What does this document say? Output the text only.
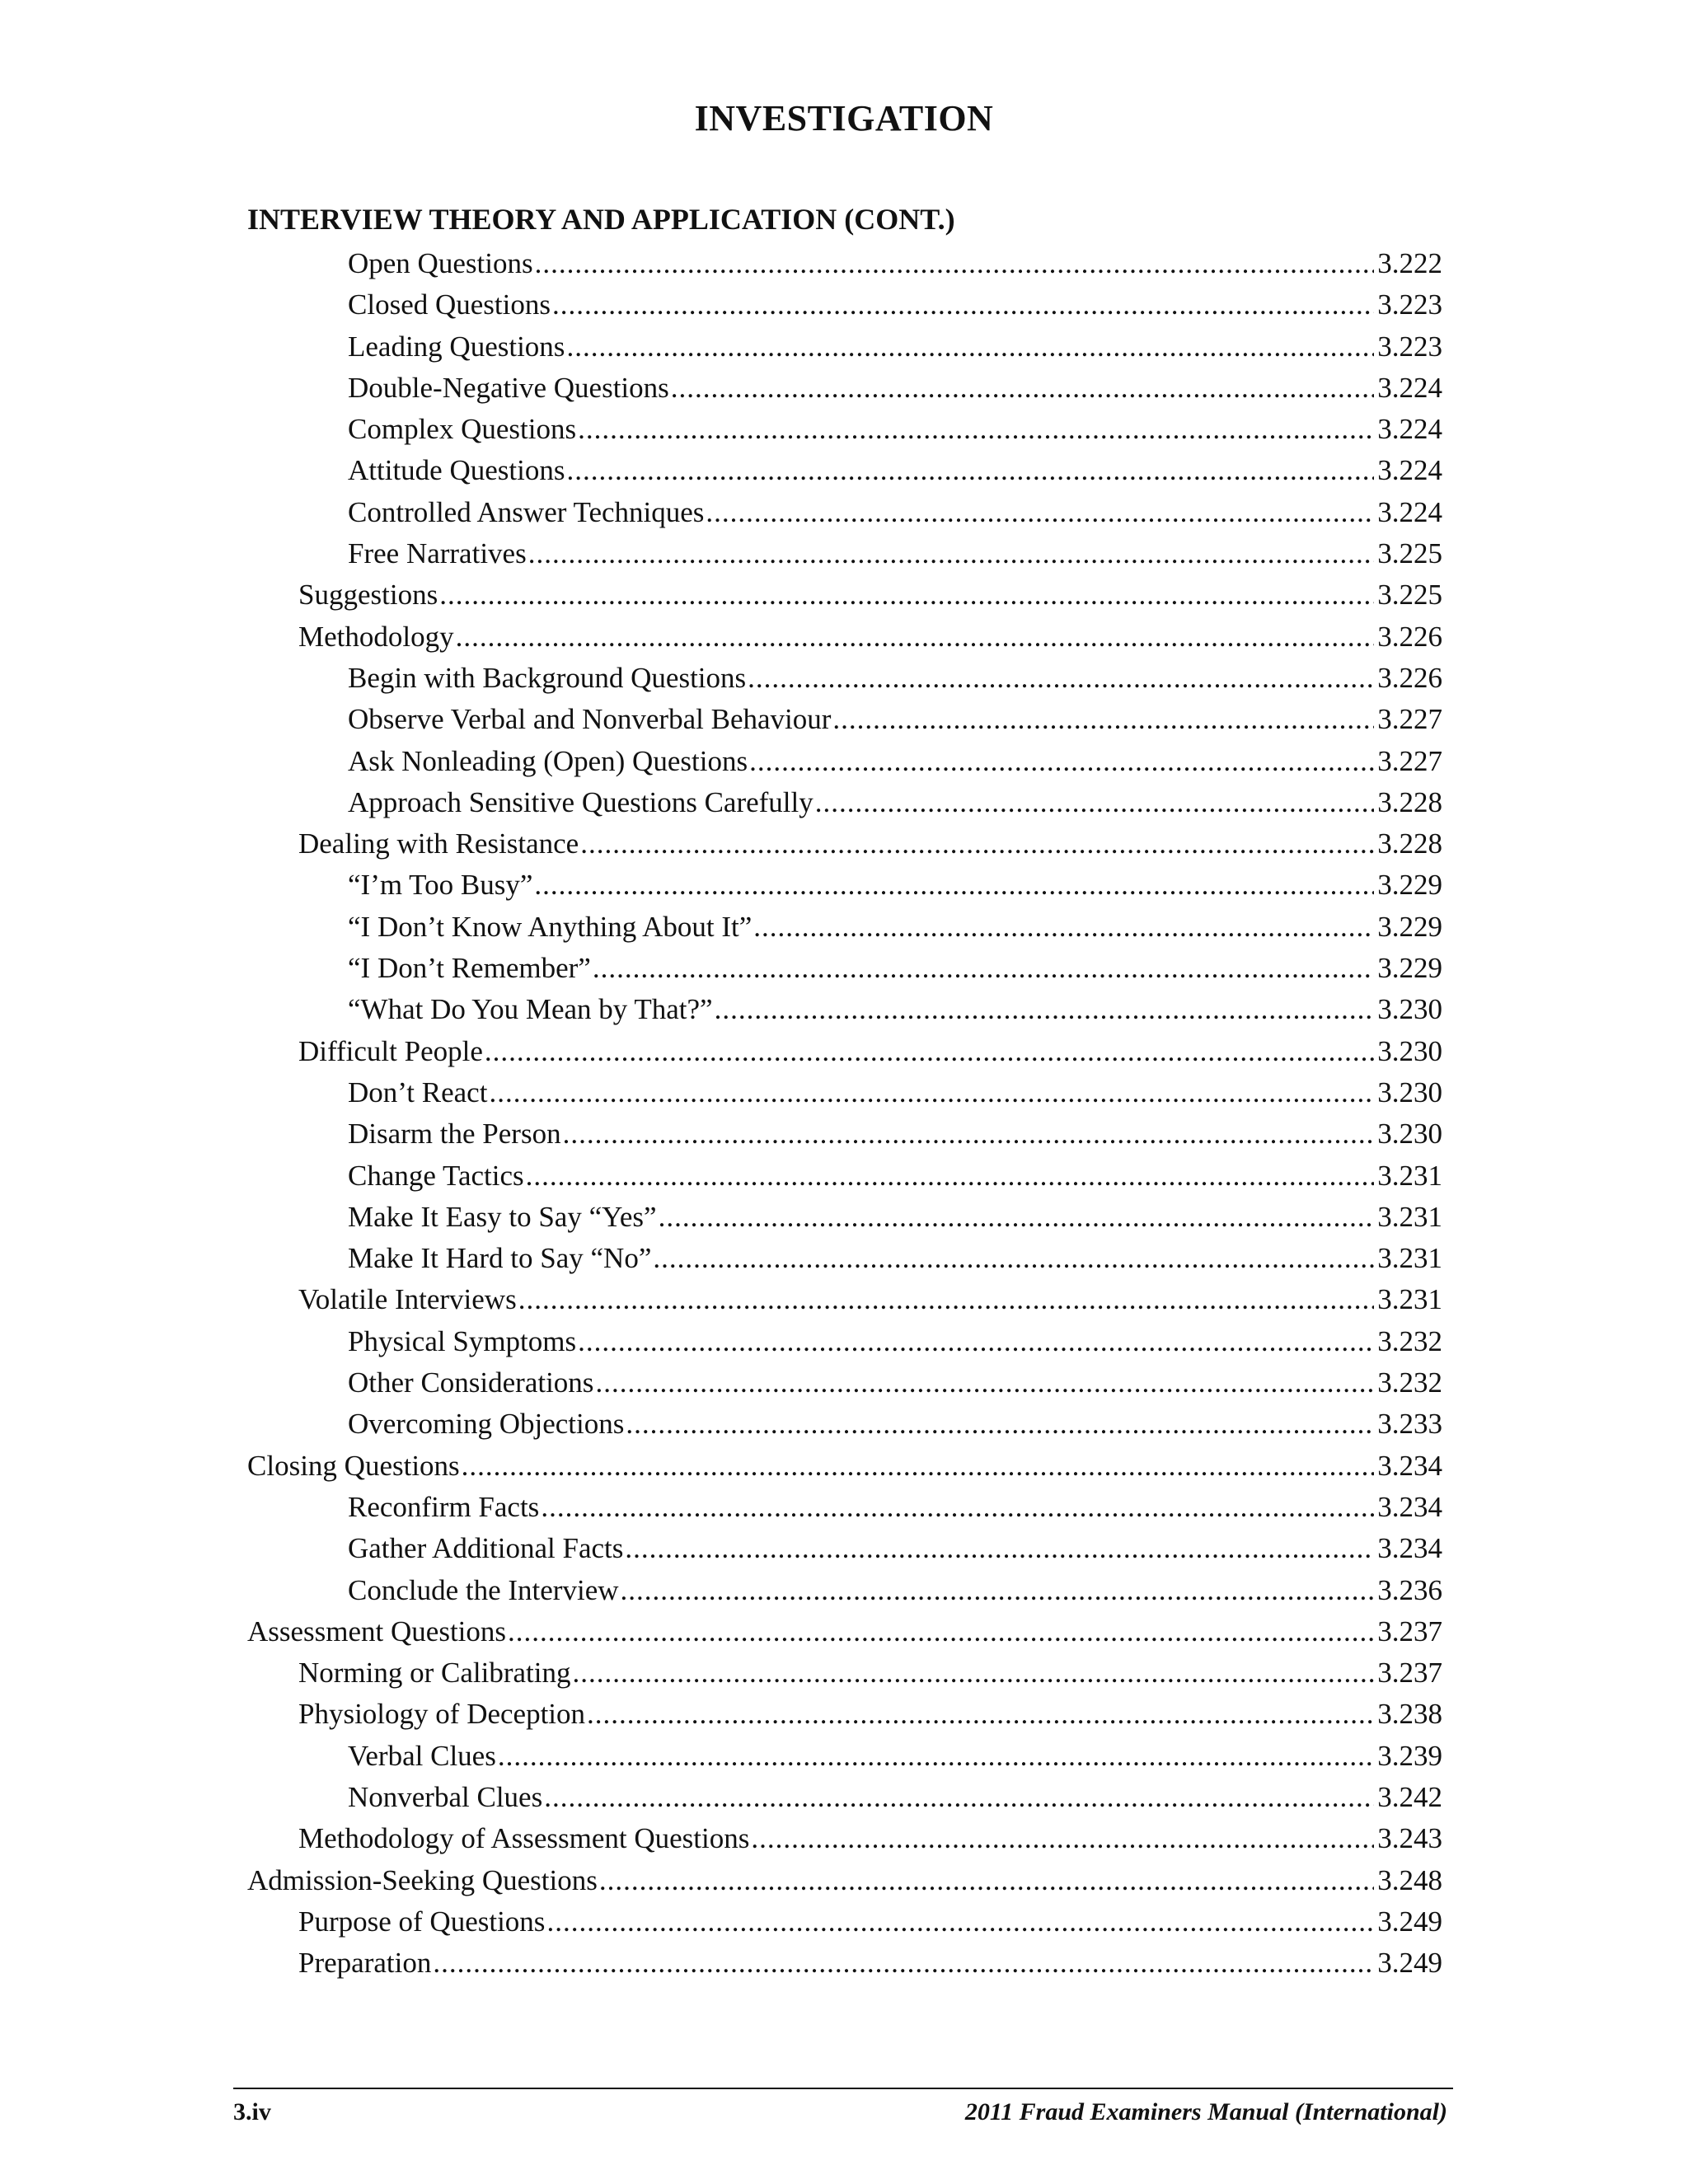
INVESTIGATION
INTERVIEW THEORY AND APPLICATION (CONT.)
Open Questions .....	3.222
Closed Questions .....	3.223
Leading Questions .....	3.223
Double-Negative Questions .....	3.224
Complex Questions .....	3.224
Attitude Questions .....	3.224
Controlled Answer Techniques .....	3.224
Free Narratives .....	3.225
Suggestions .....	3.225
Methodology .....	3.226
Begin with Background Questions .....	3.226
Observe Verbal and Nonverbal Behaviour .....	3.227
Ask Nonleading (Open) Questions .....	3.227
Approach Sensitive Questions Carefully .....	3.228
Dealing with Resistance .....	3.228
“I’m Too Busy” .....	3.229
“I Don’t Know Anything About It” .....	3.229
“I Don’t Remember” .....	3.229
“What Do You Mean by That?” .....	3.230
Difficult People .....	3.230
Don’t React .....	3.230
Disarm the Person .....	3.230
Change Tactics .....	3.231
Make It Easy to Say “Yes” .....	3.231
Make It Hard to Say “No” .....	3.231
Volatile Interviews .....	3.231
Physical Symptoms .....	3.232
Other Considerations .....	3.232
Overcoming Objections .....	3.233
Closing Questions .....	3.234
Reconfirm Facts .....	3.234
Gather Additional Facts .....	3.234
Conclude the Interview .....	3.236
Assessment Questions .....	3.237
Norming or Calibrating .....	3.237
Physiology of Deception .....	3.238
Verbal Clues .....	3.239
Nonverbal Clues .....	3.242
Methodology of Assessment Questions .....	3.243
Admission-Seeking Questions .....	3.248
Purpose of Questions .....	3.249
Preparation .....	3.249
3.iv	2011 Fraud Examiners Manual (International)
